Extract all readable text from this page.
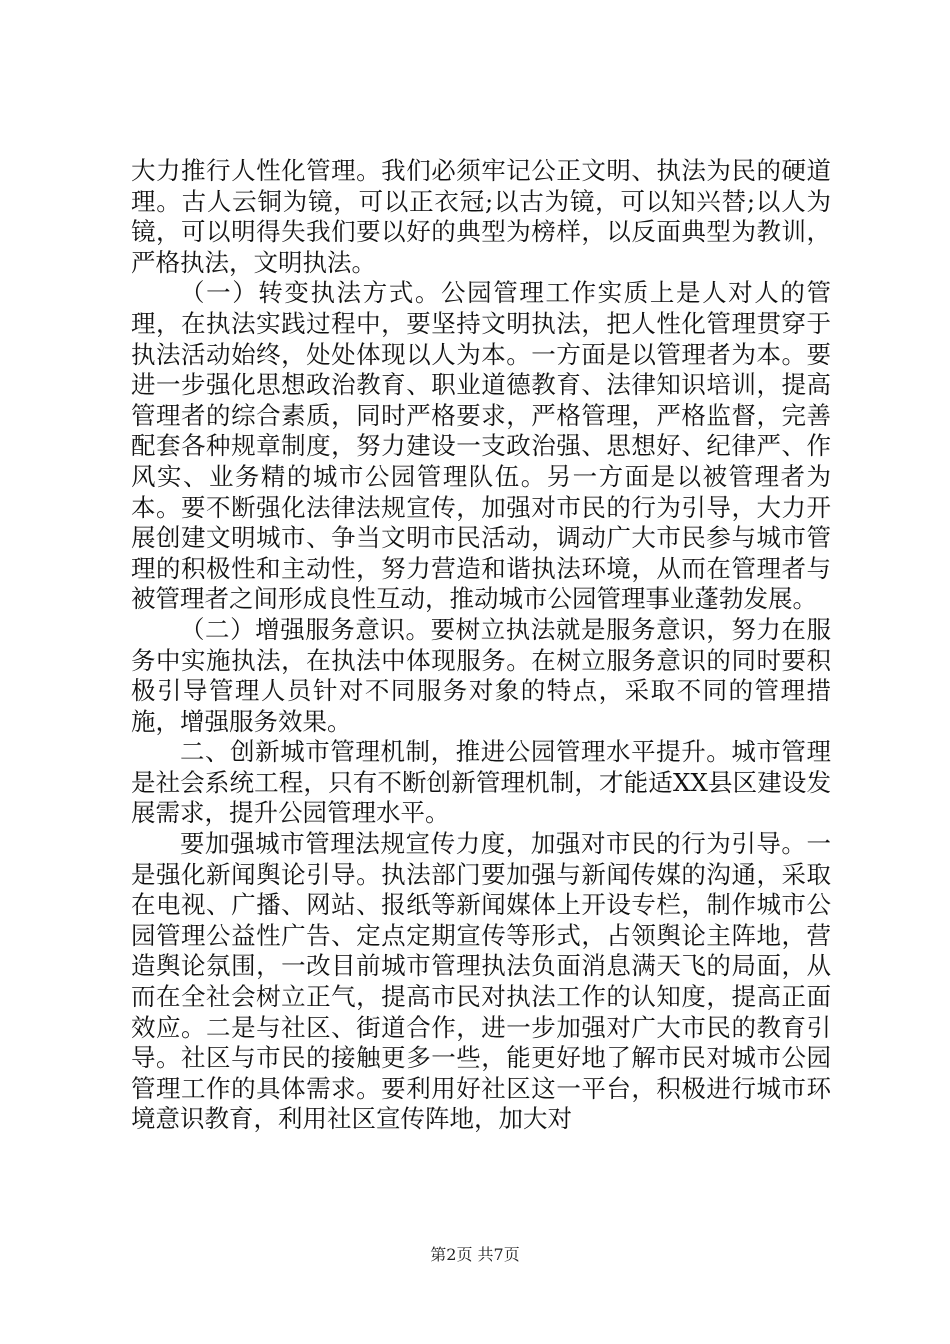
大力推行人性化管理。我们必须牢记公正文明、执法为民的硬道理。古人云铜为镜，可以正衣冠;以古为镜，可以知兴替;以人为镜，可以明得失我们要以好的典型为榜样，以反面典型为教训，严格执法，文明执法。

（一）转变执法方式。公园管理工作实质上是人对人的管理，在执法实践过程中，要坚持文明执法，把人性化管理贯穿于执法活动始终，处处体现以人为本。一方面是以管理者为本。要进一步强化思想政治教育、职业道德教育、法律知识培训，提高管理者的综合素质，同时严格要求，严格管理，严格监督，完善配套各种规章制度，努力建设一支政治强、思想好、纪律严、作风实、业务精的城市公园管理队伍。另一方面是以被管理者为本。要不断强化法律法规宣传，加强对市民的行为引导，大力开展创建文明城市、争当文明市民活动，调动广大市民参与城市管理的积极性和主动性，努力营造和谐执法环境，从而在管理者与被管理者之间形成良性互动，推动城市公园管理事业蓬勃发展。

（二）增强服务意识。要树立执法就是服务意识，努力在服务中实施执法，在执法中体现服务。在树立服务意识的同时要积极引导管理人员针对不同服务对象的特点，采取不同的管理措施，增强服务效果。

二、创新城市管理机制，推进公园管理水平提升。城市管理是社会系统工程，只有不断创新管理机制，才能适XX县区建设发展需求，提升公园管理水平。

要加强城市管理法规宣传力度，加强对市民的行为引导。一是强化新闻舆论引导。执法部门要加强与新闻传媒的沟通，采取在电视、广播、网站、报纸等新闻媒体上开设专栏，制作城市公园管理公益性广告、定点定期宣传等形式，占领舆论主阵地，营造舆论氛围，一改目前城市管理执法负面消息满天飞的局面，从而在全社会树立正气，提高市民对执法工作的认知度，提高正面效应。二是与社区、街道合作，进一步加强对广大市民的教育引导。社区与市民的接触更多一些，能更好地了解市民对城市公园管理工作的具体需求。要利用好社区这一平台，积极进行城市环境意识教育，利用社区宣传阵地，加大对

第2页 共7页
